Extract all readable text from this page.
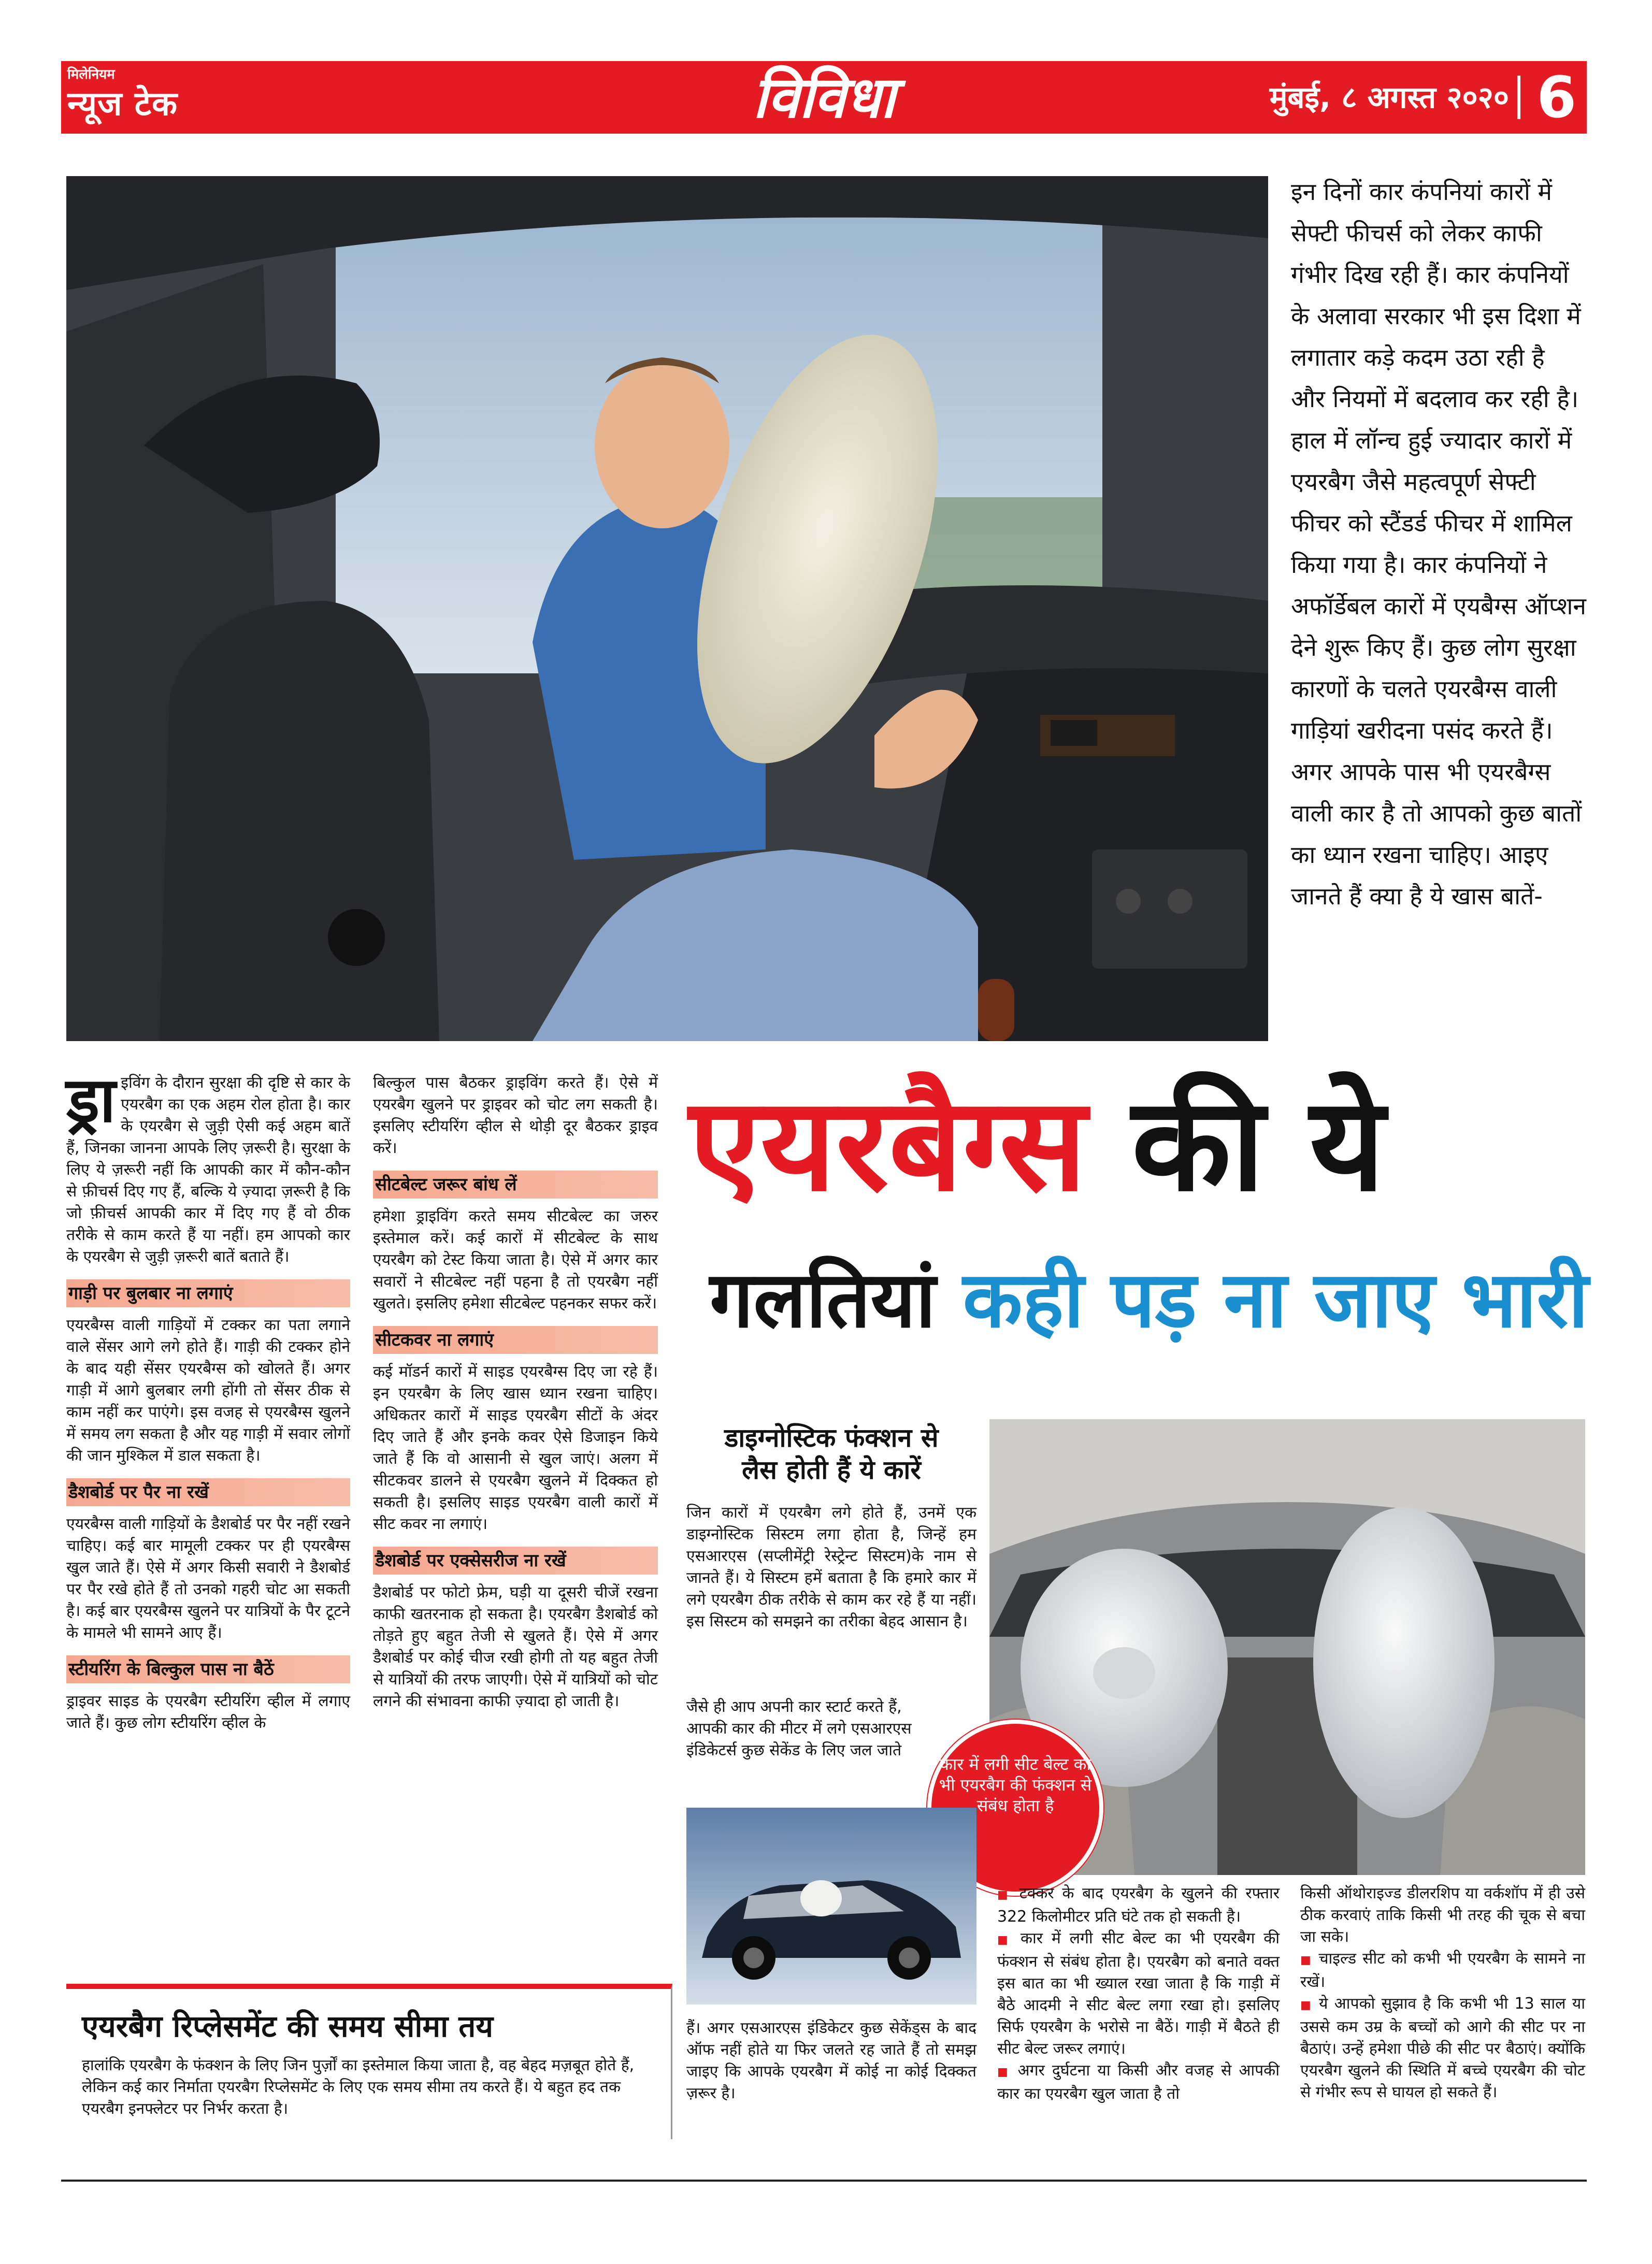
मिलेनियम
न्यूज टेक	विविधा	मुंबई, ८ अगस्त २०२० 6
इन दिनों कार कंपनियां कारों में सेफ्टी फीचर्स को लेकर काफी गंभीर दिख रही हैं। कार कंपनियों के अलावा सरकार भी इस दिशा में लगातार कड़े कदम उठा रही है और नियमों में बदलाव कर रही है। हाल में लॉन्च हुई ज्यादार कारों में एयरबैग जैसे महत्वपूर्ण सेफ्टी फीचर को स्टैंडर्ड फीचर में शामिल किया गया है। कार कंपनियों ने अफॉर्डेबल कारों में एयबैग्स ऑप्शन देने शुरू किए हैं। कुछ लोग सुरक्षा कारणों के चलते एयरबैग्स वाली गाड़ियां खरीदना पसंद करते हैं। अगर आपके पास भी एयरबैग्स वाली कार है तो आपको कुछ बातों का ध्यान रखना चाहिए। आइए जानते हैं क्या है ये खास बातें-
ड्रा इविंग के दौरान सुरक्षा की दृष्टि से कार के एयरबैग का एक अहम रोल होता है। कार के एयरबैग से जुड़ी ऐसी कई अहम बातें हैं, जिनका जानना आपके लिए ज़रूरी है। सुरक्षा के लिए ये ज़रूरी नहीं कि आपकी कार में कौन-कौन से फ़ीचर्स दिए गए हैं, बल्कि ये ज़्यादा ज़रूरी है कि जो फ़ीचर्स आपकी कार में दिए गए हैं वो ठीक तरीके से काम करते हैं या नहीं। हम आपको कार के एयरबैग से जुड़ी ज़रूरी बातें बताते हैं।
गाड़ी पर बुलबार ना लगाएं
एयरबैग्स वाली गाड़ियों में टक्कर का पता लगाने वाले सेंसर आगे लगे होते हैं। गाड़ी की टक्कर होने के बाद यही सेंसर एयरबैग्स को खोलते हैं। अगर गाड़ी में आगे बुलबार लगी होंगी तो सेंसर ठीक से काम नहीं कर पाएंगे। इस वजह से एयरबैग्स खुलने में समय लग सकता है और यह गाड़ी में सवार लोगों की जान मुश्किल में डाल सकता है।
डैशबोर्ड पर पैर ना रखें
एयरबैग्स वाली गाड़ियों के डैशबोर्ड पर पैर नहीं रखने चाहिए। कई बार मामूली टक्कर पर ही एयरबैग्स खुल जाते हैं। ऐसे में अगर किसी सवारी ने डैशबोर्ड पर पैर रखे होते हैं तो उनको गहरी चोट आ सकती है। कई बार एयरबैग्स खुलने पर यात्रियों के पैर टूटने के मामले भी सामने आए हैं।
स्टीयरिंग के बिल्कुल पास ना बैठें
ड्राइवर साइड के एयरबैग स्टीयरिंग व्हील में लगाए जाते हैं। कुछ लोग स्टीयरिंग व्हील के
बिल्कुल पास बैठकर ड्राइविंग करते हैं। ऐसे में एयरबैग खुलने पर ड्राइवर को चोट लग सकती है। इसलिए स्टीयरिंग व्हील से थोड़ी दूर बैठकर ड्राइव करें।
सीटबेल्ट जरूर बांध लें
हमेशा ड्राइविंग करते समय सीटबेल्ट का जरुर इस्तेमाल करें। कई कारों में सीटबेल्ट के साथ एयरबैग को टेस्ट किया जाता है। ऐसे में अगर कार सवारों ने सीटबेल्ट नहीं पहना है तो एयरबैग नहीं खुलते। इसलिए हमेशा सीटबेल्ट पहनकर सफर करें।
सीटकवर ना लगाएं
कई मॉडर्न कारों में साइड एयरबैग्स दिए जा रहे हैं। इन एयरबैग के लिए खास ध्यान रखना चाहिए। अधिकतर कारों में साइड एयरबैग सीटों के अंदर दिए जाते हैं और इनके कवर ऐसे डिजाइन किये जाते हैं कि वो आसानी से खुल जाएं। अलग में सीटकवर डालने से एयरबैग खुलने में दिक्कत हो सकती है। इसलिए साइड एयरबैग वाली कारों में सीट कवर ना लगाएं।
डैशबोर्ड पर एक्सेसरीज ना रखें
डैशबोर्ड पर फोटो फ्रेम, घड़ी या दूसरी चीजें रखना काफी खतरनाक हो सकता है। एयरबैग डैशबोर्ड को तोड़ते हुए बहुत तेजी से खुलते हैं। ऐसे में अगर डैशबोर्ड पर कोई चीज रखी होगी तो यह बहुत तेजी से यात्रियों की तरफ जाएगी। ऐसे में यात्रियों को चोट लगने की संभावना काफी ज़्यादा हो जाती है।
एयरबैग्स की ये
गलतियां कही पड़ ना जाए भारी
डाइग्नोस्टिक फंक्शन से
लैस होती हैं ये कारें
जिन कारों में एयरबैग लगे होते हैं, उनमें एक डाइग्नोस्टिक सिस्टम लगा होता है, जिन्हें हम एसआरएस (सप्लीमेंट्री रेस्ट्रेन्ट सिस्टम)के नाम से जानते हैं। ये सिस्टम हमें बताता है कि हमारे कार में लगे एयरबैग ठीक तरीके से काम कर रहे हैं या नहीं। इस सिस्टम को समझने का तरीका बेहद आसान है।
जैसे ही आप अपनी कार स्टार्ट करते हैं, आपकी कार की मीटर में लगे एसआरएस इंडिकेटर्स कुछ सेकेंड के लिए जल जाते
कार में लगी सीट बेल्ट का भी एयरबैग की फंक्शन से संबंध होता है
हैं। अगर एसआरएस इंडिकेटर कुछ सेकेंड्स के बाद ऑफ नहीं होते या फिर जलते रह जाते हैं तो समझ जाइए कि आपके एयरबैग में कोई ना कोई दिक्कत ज़रूर है।
■ टक्कर के बाद एयरबैग के खुलने की रफ्तार 322 किलोमीटर प्रति घंटे तक हो सकती है।
■ कार में लगी सीट बेल्ट का भी एयरबैग की फंक्शन से संबंध होता है। एयरबैग को बनाते वक्त इस बात का भी ख्याल रखा जाता है कि गाड़ी में बैठे आदमी ने सीट बेल्ट लगा रखा हो। इसलिए सिर्फ एयरबैग के भरोसे ना बैठें। गाड़ी में बैठते ही सीट बेल्ट जरूर लगाएं।
■ अगर दुर्घटना या किसी और वजह से आपकी कार का एयरबैग खुल जाता है तो
किसी ऑथोराइज्ड डीलरशिप या वर्कशॉप में ही उसे ठीक करवाएं ताकि किसी भी तरह की चूक से बचा जा सके।
■ चाइल्ड सीट को कभी भी एयरबैग के सामने ना रखें।
■ ये आपको सुझाव है कि कभी भी 13 साल या उससे कम उम्र के बच्चों को आगे की सीट पर ना बैठाएं। उन्हें हमेशा पीछे की सीट पर बैठाएं। क्योंकि एयरबैग खुलने की स्थिति में बच्चे एयरबैग की चोट से गंभीर रूप से घायल हो सकते हैं।
एयरबैग रिप्लेसमेंट की समय सीमा तय
हालांकि एयरबैग के फंक्शन के लिए जिन पुर्ज़ों का इस्तेमाल किया जाता है, वह बेहद मज़बूत होते हैं, लेकिन कई कार निर्माता एयरबैग रिप्लेसमेंट के लिए एक समय सीमा तय करते हैं। ये बहुत हद तक एयरबैग इनफ्लेटर पर निर्भर करता है।
